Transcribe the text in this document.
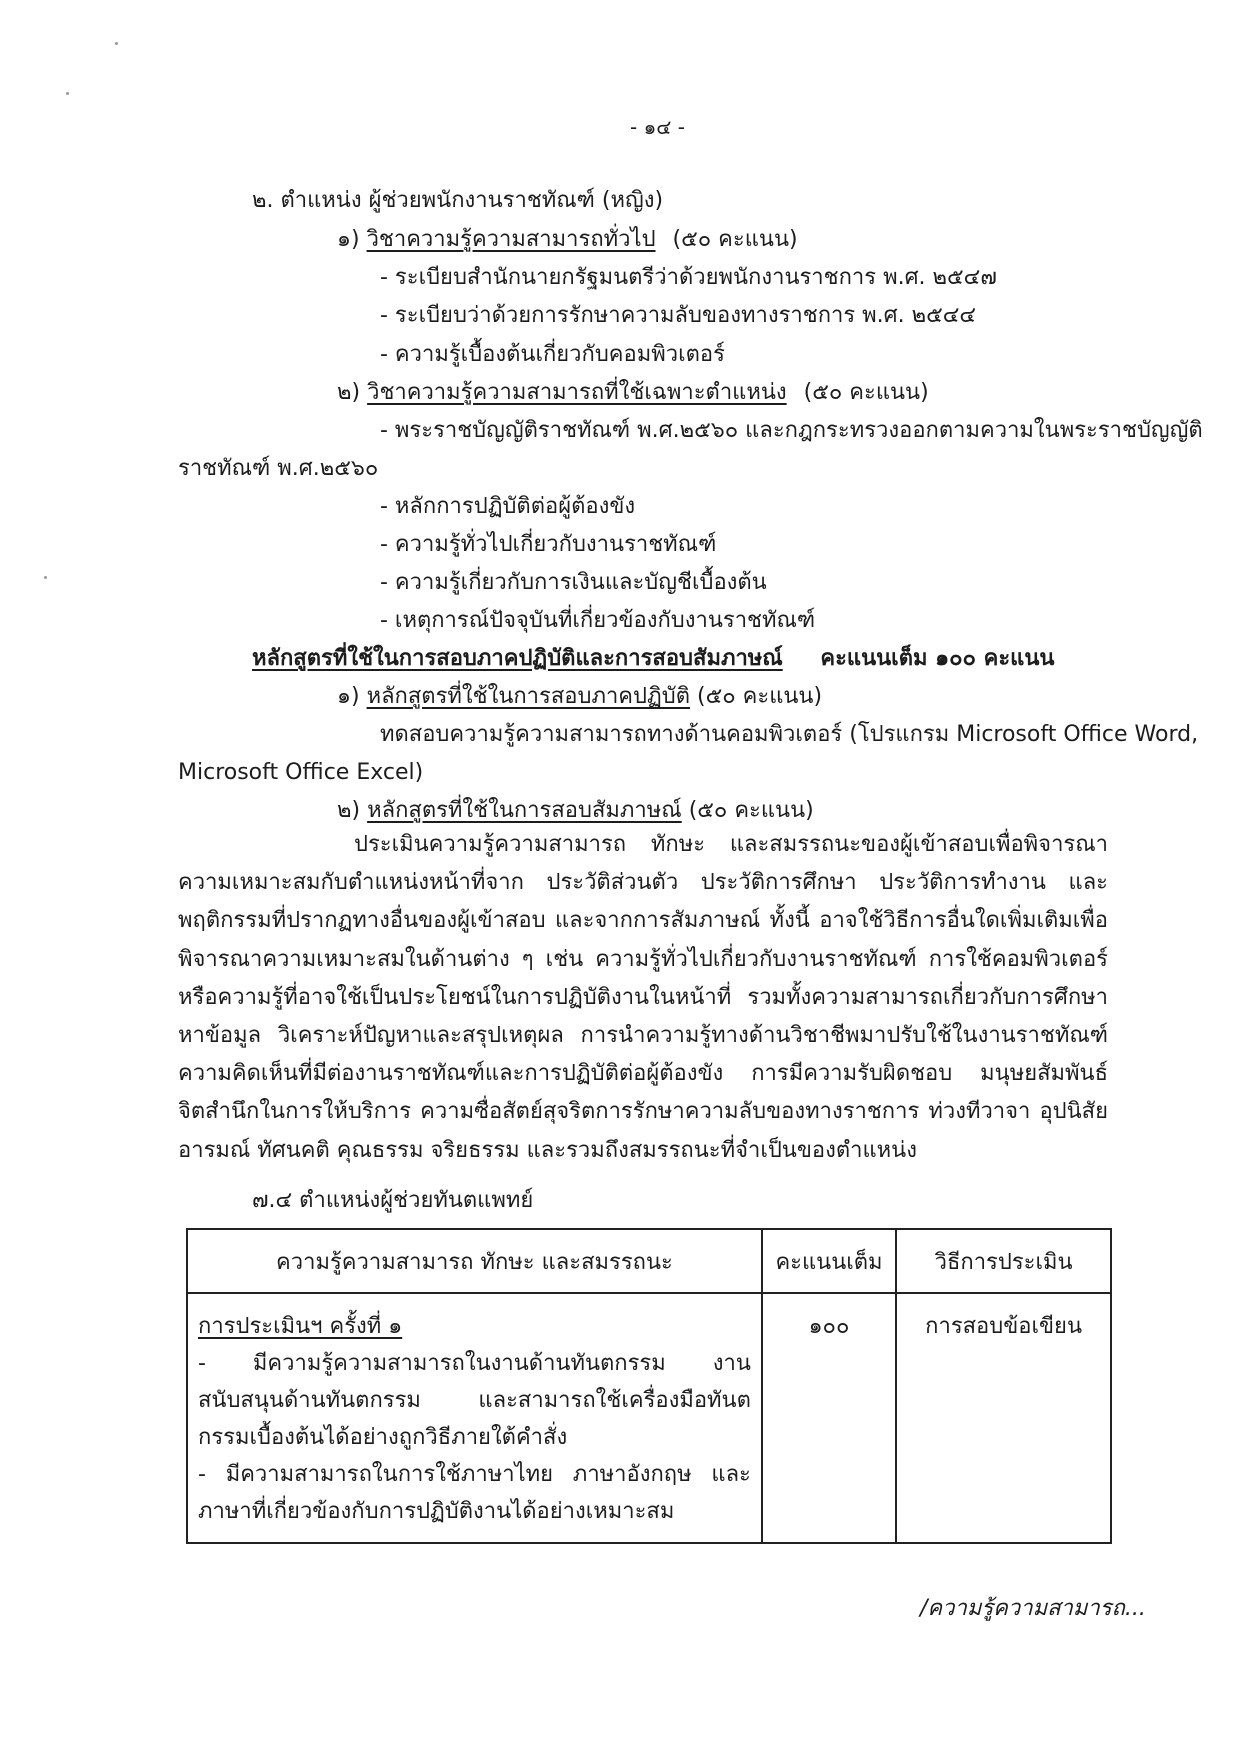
- ๑๔ -
๒. ตำแหน่ง ผู้ช่วยพนักงานราชทัณฑ์ (หญิง)
๑) วิชาความรู้ความสามารถทั่วไป (๕๐ คะแนน)
- ระเบียบสำนักนายกรัฐมนตรีว่าด้วยพนักงานราชการ พ.ศ. ๒๕๔๗
- ระเบียบว่าด้วยการรักษาความลับของทางราชการ พ.ศ. ๒๕๔๔
- ความรู้เบื้องต้นเกี่ยวกับคอมพิวเตอร์
๒) วิชาความรู้ความสามารถที่ใช้เฉพาะตำแหน่ง (๕๐ คะแนน)
- พระราชบัญญัติราชทัณฑ์ พ.ศ.๒๕๖๐ และกฎกระทรวงออกตามความในพระราชบัญญัติ
ราชทัณฑ์ พ.ศ.๒๕๖๐
- หลักการปฏิบัติต่อผู้ต้องขัง
- ความรู้ทั่วไปเกี่ยวกับงานราชทัณฑ์
- ความรู้เกี่ยวกับการเงินและบัญชีเบื้องต้น
- เหตุการณ์ปัจจุบันที่เกี่ยวข้องกับงานราชทัณฑ์
หลักสูตรที่ใช้ในการสอบภาคปฏิบัติและการสอบสัมภาษณ์ คะแนนเต็ม ๑๐๐ คะแนน
๑) หลักสูตรที่ใช้ในการสอบภาคปฏิบัติ (๕๐ คะแนน)
ทดสอบความรู้ความสามารถทางด้านคอมพิวเตอร์ (โปรแกรม Microsoft Office Word,
Microsoft Office Excel)
๒) หลักสูตรที่ใช้ในการสอบสัมภาษณ์ (๕๐ คะแนน)
ประเมินความรู้ความสามารถ ทักษะ และสมรรถนะของผู้เข้าสอบเพื่อพิจารณาความเหมาะสมกับตำแหน่งหน้าที่จาก ประวัติส่วนตัว ประวัติการศึกษา ประวัติการทำงาน และพฤติกรรมที่ปรากฏทางอื่นของผู้เข้าสอบ และจากการสัมภาษณ์ ทั้งนี้ อาจใช้วิธีการอื่นใดเพิ่มเติมเพื่อพิจารณาความเหมาะสมในด้านต่าง ๆ เช่น ความรู้ทั่วไปเกี่ยวกับงานราชทัณฑ์ การใช้คอมพิวเตอร์ หรือความรู้ที่อาจใช้เป็นประโยชน์ในการปฏิบัติงานในหน้าที่ รวมทั้งความสามารถเกี่ยวกับการศึกษาหาข้อมูล วิเคราะห์ปัญหาและสรุปเหตุผล การนำความรู้ทางด้านวิชาชีพมาปรับใช้ในงานราชทัณฑ์ ความคิดเห็นที่มีต่องานราชทัณฑ์และการปฏิบัติต่อผู้ต้องขัง การมีความรับผิดชอบ มนุษยสัมพันธ์ จิตสำนึกในการให้บริการ ความซื่อสัตย์สุจริตการรักษาความลับของทางราชการ ท่วงทีวาจา อุปนิสัย อารมณ์ ทัศนคติ คุณธรรม จริยธรรม และรวมถึงสมรรถนะที่จำเป็นของตำแหน่ง
๗.๔ ตำแหน่งผู้ช่วยทันตแพทย์
ความรู้ความสามารถ ทักษะ และสมรรถนะ	คะแนนเต็ม	วิธีการประเมิน

การประเมินฯ ครั้งที่ ๑
- มีความรู้ความสามารถในงานด้านทันตกรรม งานสนับสนุนด้านทันตกรรม และสามารถใช้เครื่องมือทันตกรรมเบื้องต้นได้อย่างถูกวิธีภายใต้คำสั่ง
- มีความสามารถในการใช้ภาษาไทย ภาษาอังกฤษ และภาษาที่เกี่ยวข้องกับการปฏิบัติงานได้อย่างเหมาะสม	๑๐๐	การสอบข้อเขียน
/ความรู้ความสามารถ...
